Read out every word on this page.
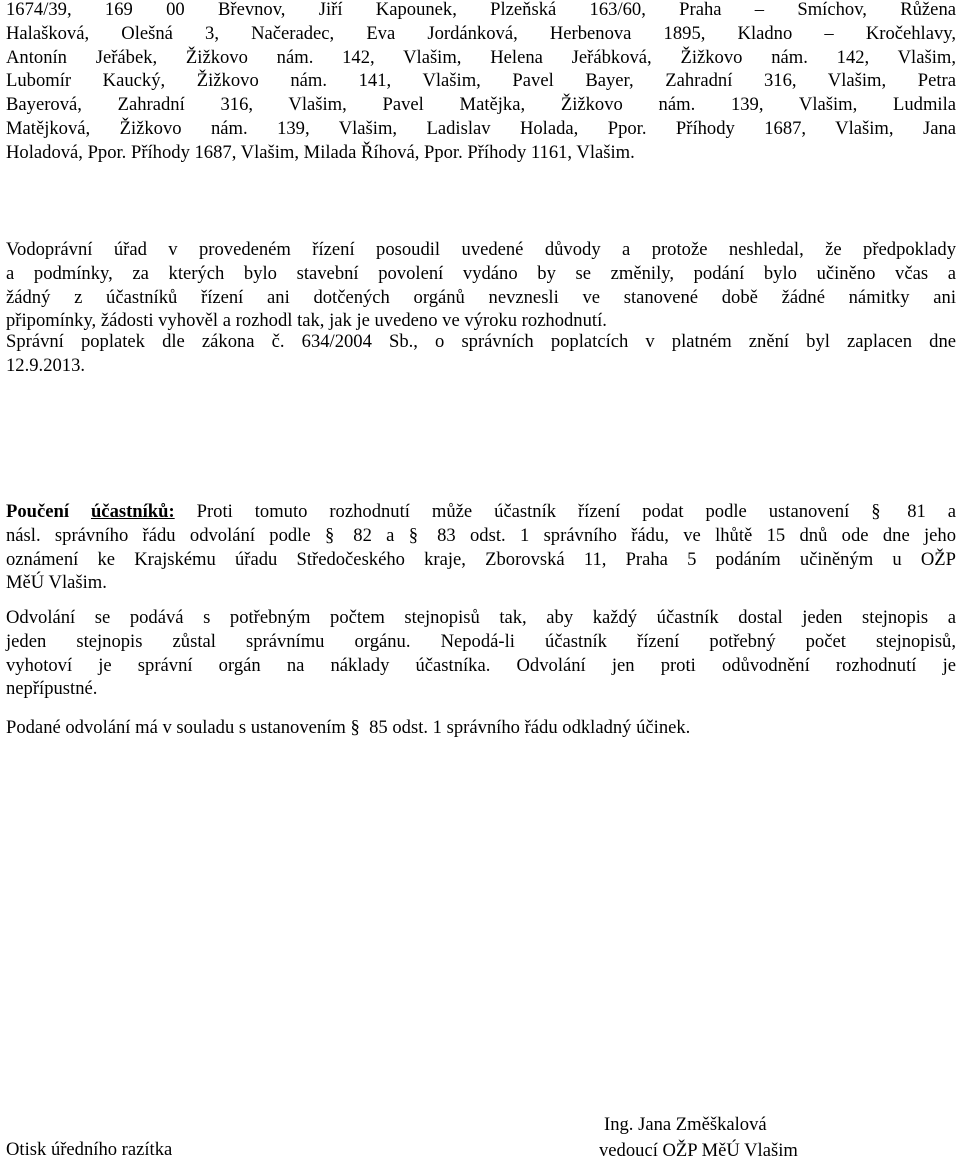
1674/39, 169 00 Břevnov, Jiří Kapounek, Plzeňská 163/60, Praha – Smíchov, Růžena
Halašková, Olešná 3, Načeradec, Eva Jordánková, Herbenova 1895, Kladno – Kročehlavy,
Antonín Jeřábek, Žižkovo nám. 142, Vlašim, Helena Jeřábková, Žižkovo nám. 142, Vlašim,
Lubomír Kaucký, Žižkovo nám. 141, Vlašim, Pavel Bayer, Zahradní 316, Vlašim, Petra
Bayerová, Zahradní 316, Vlašim, Pavel Matějka, Žižkovo nám. 139, Vlašim, Ludmila
Matějková, Žižkovo nám. 139, Vlašim, Ladislav Holada, Ppor. Příhody 1687, Vlašim, Jana
Holadová, Ppor. Příhody 1687, Vlašim, Milada Říhová, Ppor. Příhody 1161, Vlašim.

Vodoprávní úřad v provedeném řízení posoudil uvedené důvody a protože neshledal, že předpoklady
a podmínky, za kterých bylo stavební povolení vydáno by se změnily, podání bylo učiněno včas a
žádný z účastníků řízení ani dotčených orgánů nevznesli ve stanovené době žádné námitky ani
připomínky, žádosti vyhověl a rozhodl tak, jak je uvedeno ve výroku rozhodnutí.

Správní poplatek dle zákona č. 634/2004 Sb., o správních poplatcích v platném znění byl zaplacen dne

12.9.2013.

Poučení účastníků: Proti tomuto rozhodnutí může účastník řízení podat podle ustanovení § 81 a
násl. správního řádu odvolání podle § 82 a § 83 odst. 1 správního řádu, ve lhůtě 15 dnů ode dne jeho
oznámení ke Krajskému úřadu Středočeského kraje, Zborovská 11, Praha 5 podáním učiněným u OŽP
MěÚ Vlašim.

Odvolání se podává s potřebným počtem stejnopisů tak, aby každý účastník dostal jeden stejnopis a
jeden stejnopis zůstal správnímu orgánu. Nepodá-li účastník řízení potřebný počet stejnopisů,
vyhotoví je správní orgán na náklady účastníka. Odvolání jen proti odůvodnění rozhodnutí je
nepřípustné.

Podané odvolání má v souladu s ustanovením § 85 odst. 1 správního řádu odkladný účinek.

Otisk úředního razítka
Ing. Jana Změškalová
vedoucí OŽP MěÚ Vlašim
